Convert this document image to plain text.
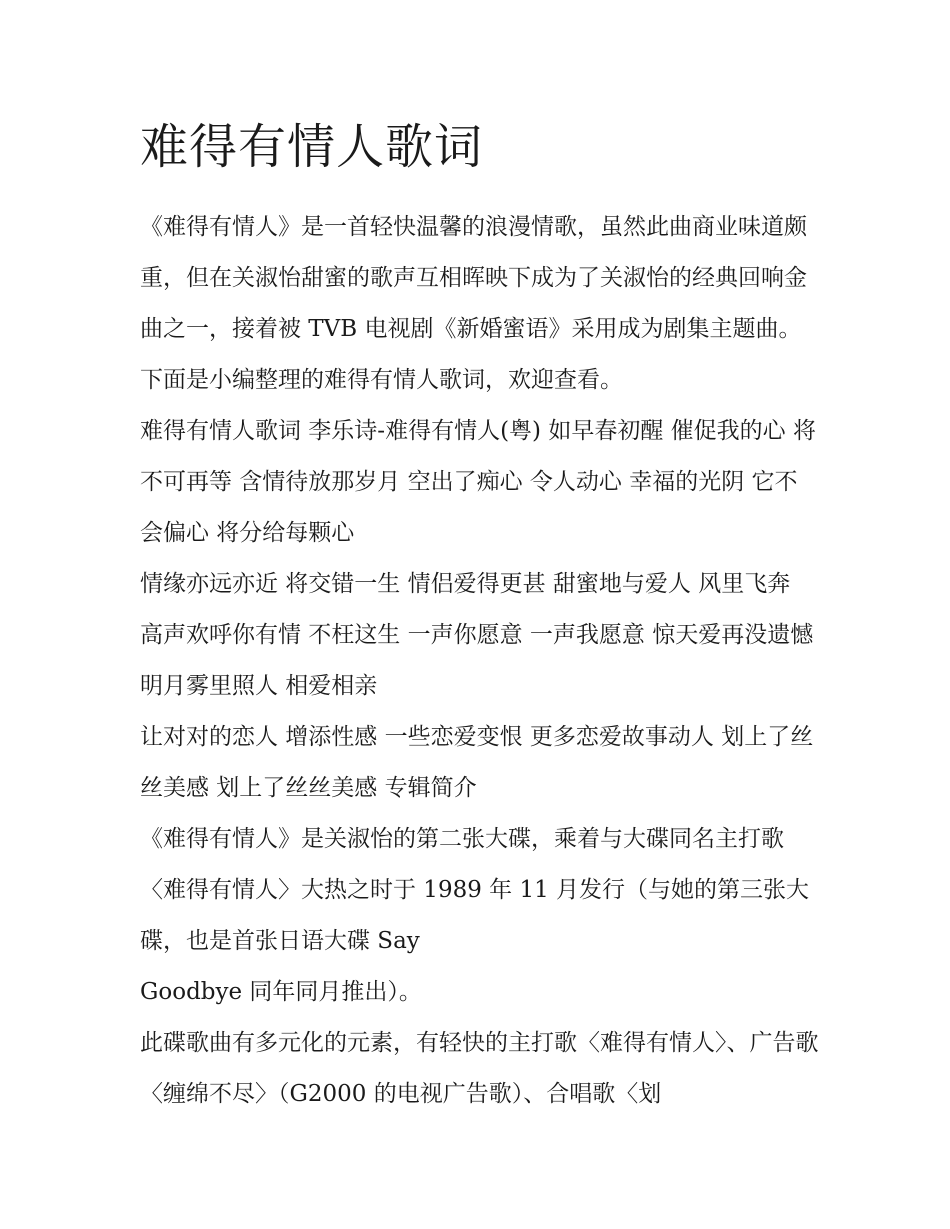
难得有情人歌词

《难得有情人》是一首轻快温馨的浪漫情歌，虽然此曲商业味道颇重，但在关淑怡甜蜜的歌声互相晖映下成为了关淑怡的经典回响金曲之一，接着被 TVB 电视剧《新婚蜜语》采用成为剧集主题曲。下面是小编整理的难得有情人歌词，欢迎查看。

难得有情人歌词 李乐诗-难得有情人(粤) 如早春初醒 催促我的心 将不可再等 含情待放那岁月 空出了痴心 令人动心 幸福的光阴 它不会偏心 将分给每颗心

情缘亦远亦近 将交错一生 情侣爱得更甚 甜蜜地与爱人 风里飞奔 高声欢呼你有情 不枉这生 一声你愿意 一声我愿意 惊天爱再没遗憾 明月雾里照人 相爱相亲

让对对的恋人 增添性感 一些恋爱变恨 更多恋爱故事动人 划上了丝丝美感 划上了丝丝美感 专辑简介

《难得有情人》是关淑怡的第二张大碟，乘着与大碟同名主打歌〈难得有情人〉大热之时于 1989 年 11 月发行（与她的第三张大碟，也是首张日语大碟 Say

Goodbye 同年同月推出）。

此碟歌曲有多元化的元素，有轻快的主打歌〈难得有情人〉、广告歌〈缠绵不尽〉（G2000 的电视广告歌）、合唱歌〈划
